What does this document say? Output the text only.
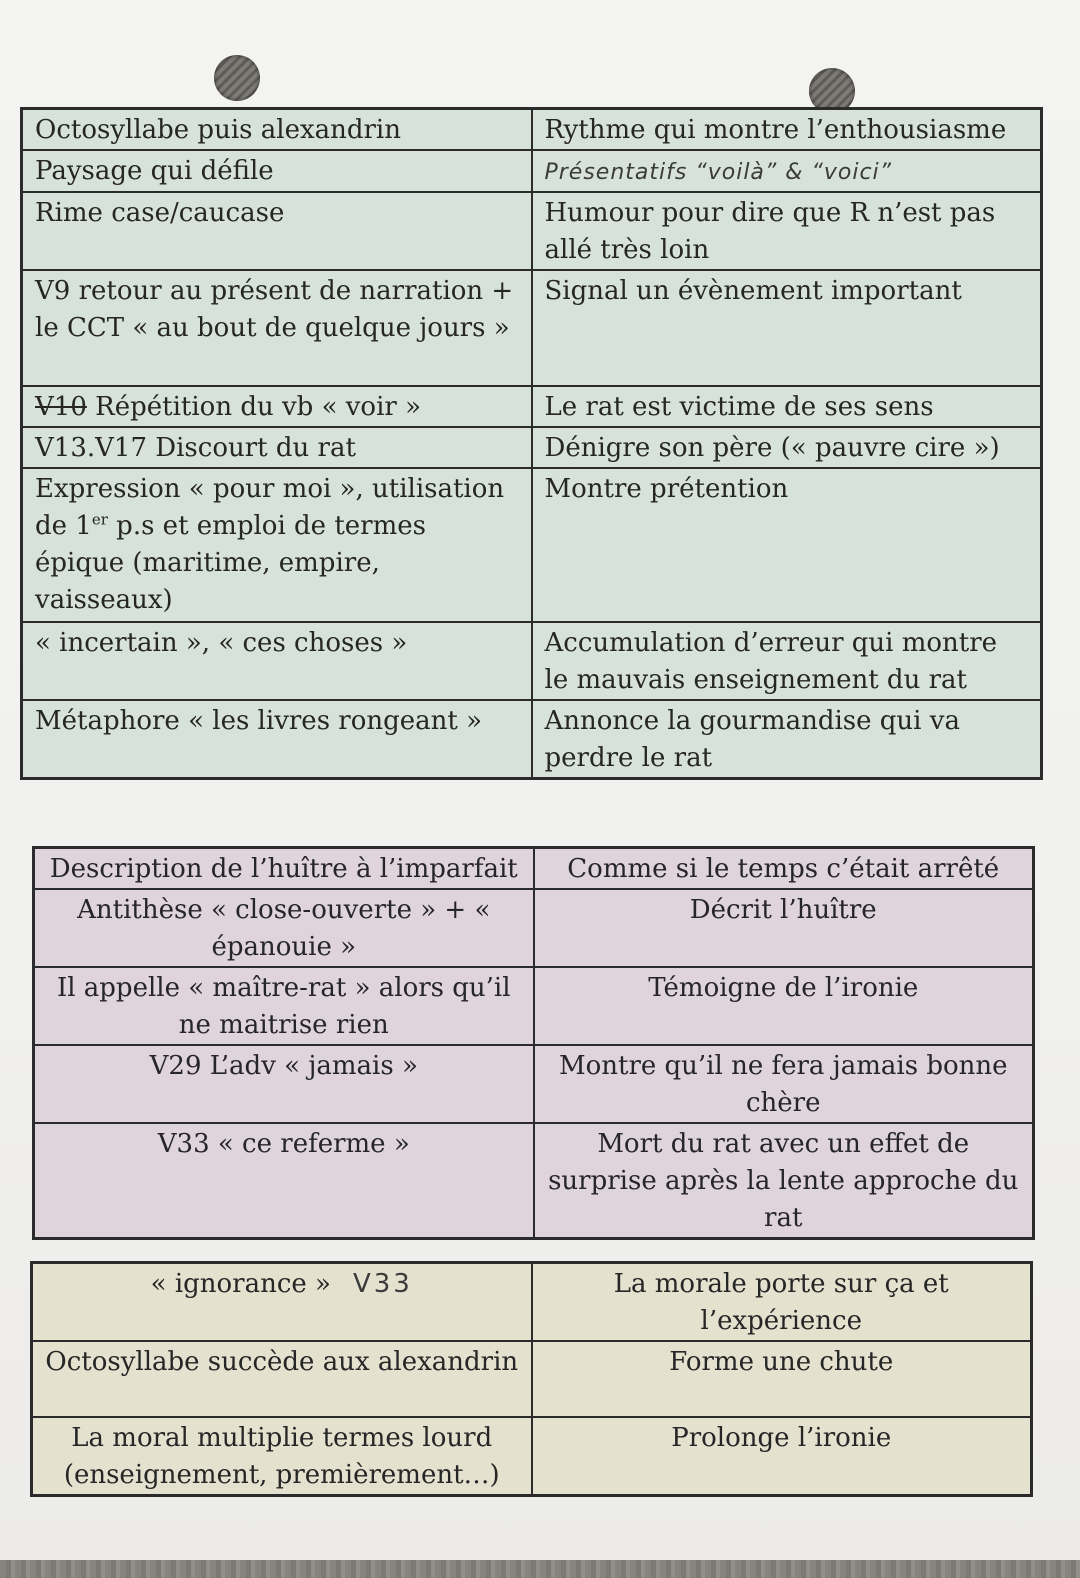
Octosyllabe puis alexandrin	Rythme qui montre l’enthousiasme
Paysage qui défile	Présentatifs “voilà” & “voici”
Rime case/caucase	Humour pour dire que R n’est pas allé très loin
V9 retour au présent de narration + le CCT « au bout de quelque jours »	Signal un évènement important
V10 Répétition du vb « voir »	Le rat est victime de ses sens
V13.V17 Discourt du rat	Dénigre son père (« pauvre cire »)
Expression « pour moi », utilisation de 1er p.s et emploi de termes épique (maritime, empire, vaisseaux)	Montre prétention
« incertain », « ces choses »	Accumulation d’erreur qui montre le mauvais enseignement du rat
Métaphore « les livres rongeant »	Annonce la gourmandise qui va perdre le rat
Description de l’huître à l’imparfait	Comme si le temps c’était arrêté
Antithèse « close-ouverte » + « épanouie »	Décrit l’huître
Il appelle « maître-rat » alors qu’il ne maitrise rien	Témoigne de l’ironie
V29 L’adv « jamais »	Montre qu’il ne fera jamais bonne chère
V33 « ce referme »	Mort du rat avec un effet de surprise après la lente approche du rat
« ignorance » V33	La morale porte sur ça et l’expérience
Octosyllabe succède aux alexandrin	Forme une chute
La moral multiplie termes lourd (enseignement, premièrement…)	Prolonge l’ironie
